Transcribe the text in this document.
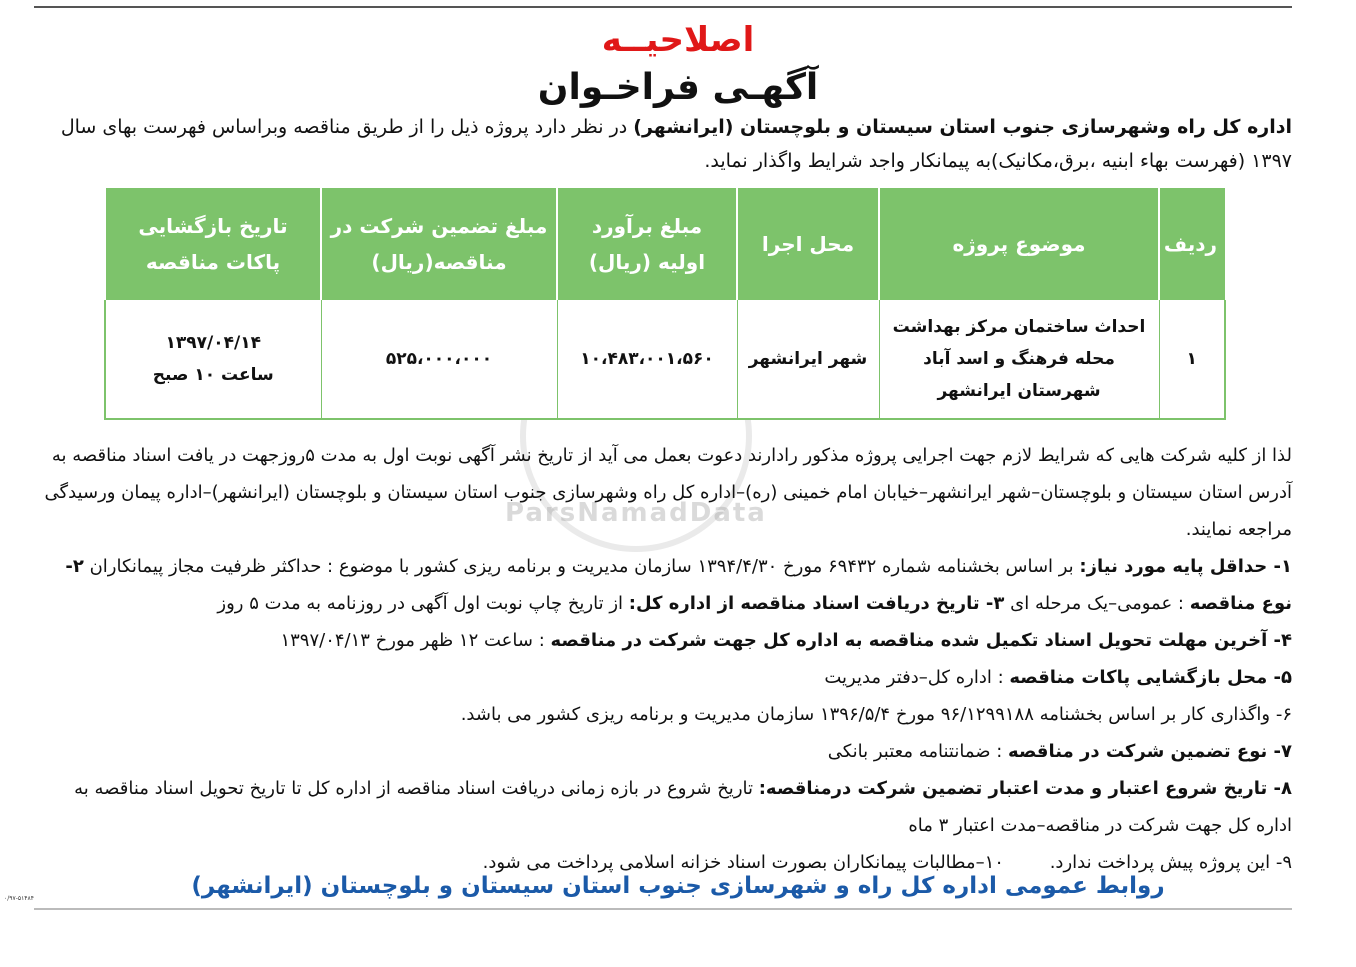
ParsNamadData
اصلاحیــه
آگهـی فراخـوان
اداره کل راه وشهرسازی جنوب استان سیستان و بلوچستان (ایرانشهر) در نظر دارد پروژه ذیل را از طریق مناقصه وبراساس فهرست بهای سال ۱۳۹۷ (فهرست بهاء ابنیه ،برق،مکانیک)به پیمانکار واجد شرایط واگذار نماید.
ردیف	موضوع پروژه	محل اجرا	مبلغ برآورد اولیه (ریال)	مبلغ تضمین شرکت در مناقصه(ریال)	تاریخ بازگشایی پاکات مناقصه
۱	احداث ساختمان مرکز بهداشت محله فرهنگ و اسد آباد شهرستان ایرانشهر	شهر ایرانشهر	۱۰،۴۸۳،۰۰۱،۵۶۰	۵۲۵،۰۰۰،۰۰۰	۱۳۹۷/۰۴/۱۴
ساعت ۱۰ صبح

لذا از کلیه شرکت هایی که شرایط لازم جهت اجرایی پروژه مذکور رادارند دعوت بعمل می آید از تاریخ نشر آگهی نوبت اول به مدت ۵روزجهت در یافت اسناد مناقصه به آدرس استان سیستان و بلوچستان–شهر ایرانشهر–خیابان امام خمینی (ره)–اداره کل راه وشهرسازی جنوب استان سیستان و بلوچستان (ایرانشهر)–اداره پیمان ورسیدگی مراجعه نمایند.

۱- حداقل پایه مورد نیاز: بر اساس بخشنامه شماره ۶۹۴۳۲ مورخ ۱۳۹۴/۴/۳۰ سازمان مدیریت و برنامه ریزی کشور با موضوع : حداکثر ظرفیت مجاز پیمانکاران ۲- نوع مناقصه : عمومی–یک مرحله ای ۳- تاریخ دریافت اسناد مناقصه از اداره کل: از تاریخ چاپ نوبت اول آگهی در روزنامه به مدت ۵ روز

۴- آخرین مهلت تحویل اسناد تکمیل شده مناقصه به اداره کل جهت شرکت در مناقصه : ساعت ۱۲ ظهر مورخ ۱۳۹۷/۰۴/۱۳

۵- محل بازگشایی پاکات مناقصه : اداره کل–دفتر مدیریت

۶- واگذاری کار بر اساس بخشنامه ۹۶/۱۲۹۹۱۸۸ مورخ ۱۳۹۶/۵/۴ سازمان مدیریت و برنامه ریزی کشور می باشد.

۷- نوع تضمین شرکت در مناقصه : ضمانتنامه معتبر بانکی

۸- تاریخ شروع اعتبار و مدت اعتبار تضمین شرکت درمناقصه: تاریخ شروع در بازه زمانی دریافت اسناد مناقصه از اداره کل تا تاریخ تحویل اسناد مناقصه به اداره کل جهت شرکت در مناقصه–مدت اعتبار ۳ ماه

۹- این پروژه پیش پرداخت ندارد.        ۱۰–مطالبات پیمانکاران بصورت اسناد خزانه اسلامی پرداخت می شود.

روابط عمومی اداره کل راه و شهرسازی جنوب استان سیستان و بلوچستان (ایرانشهر)
۰/۹۷-۵۱۴۸۴
